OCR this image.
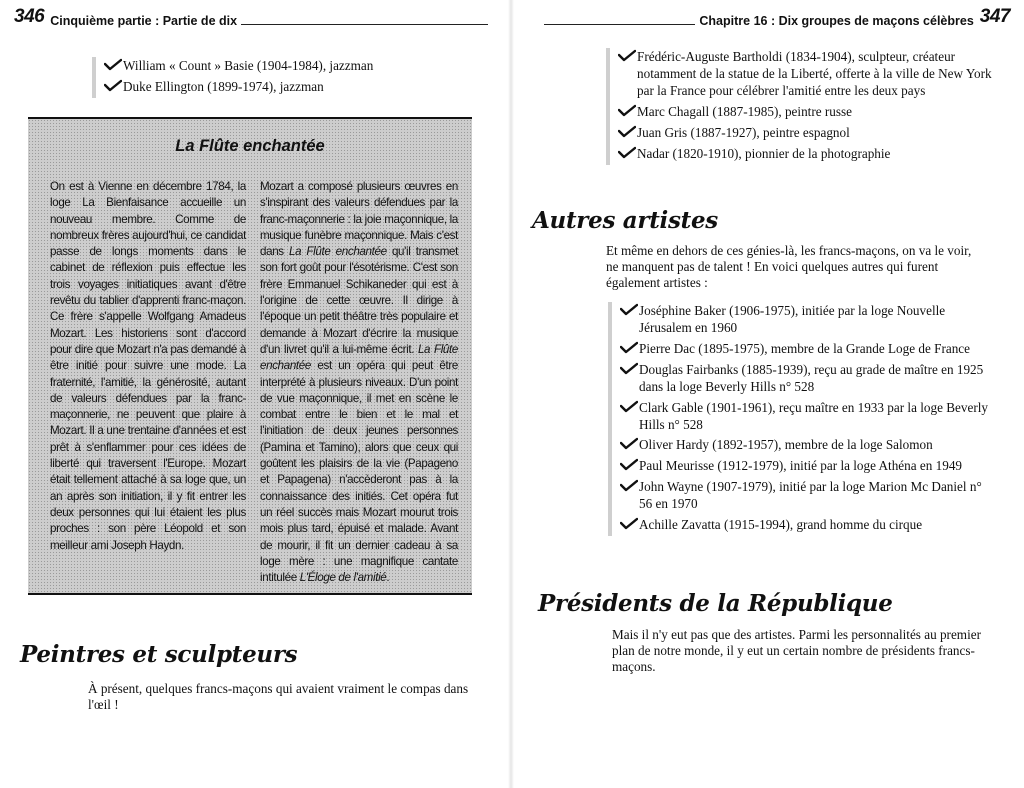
346 Cinquième partie : Partie de dix
William « Count » Basie (1904-1984), jazzman
Duke Ellington (1899-1974), jazzman
La Flûte enchantée
On est à Vienne en décembre 1784, la loge La Bienfaisance accueille un nouveau membre. Comme de nombreux frères aujourd'hui, ce candidat passe de longs moments dans le cabinet de réflexion puis effectue les trois voyages initiatiques avant d'être revêtu du tablier d'apprenti franc-maçon. Ce frère s'appelle Wolfgang Amadeus Mozart. Les historiens sont d'accord pour dire que Mozart n'a pas demandé à être initié pour suivre une mode. La fraternité, l'amitié, la générosité, autant de valeurs défendues par la franc-maçonnerie, ne peuvent que plaire à Mozart. Il a une trentaine d'années et est prêt à s'enflammer pour ces idées de liberté qui traversent l'Europe. Mozart était tellement attaché à sa loge que, un an après son initiation, il y fit entrer les deux personnes qui lui étaient les plus proches : son père Léopold et son meilleur ami Joseph Haydn.
Mozart a composé plusieurs œuvres en s'inspirant des valeurs défendues par la franc-maçonnerie : la joie maçonnique, la musique funèbre maçonnique. Mais c'est dans La Flûte enchantée qu'il transmet son fort goût pour l'ésotérisme. C'est son frère Emmanuel Schikaneder qui est à l'origine de cette œuvre. Il dirige à l'époque un petit théâtre très populaire et demande à Mozart d'écrire la musique d'un livret qu'il a lui-même écrit. La Flûte enchantée est un opéra qui peut être interprété à plusieurs niveaux. D'un point de vue maçonnique, il met en scène le combat entre le bien et le mal et l'initiation de deux jeunes personnes (Pamina et Tamino), alors que ceux qui goûtent les plaisirs de la vie (Papageno et Papagena) n'accèderont pas à la connaissance des initiés. Cet opéra fut un réel succès mais Mozart mourut trois mois plus tard, épuisé et malade. Avant de mourir, il fit un dernier cadeau à sa loge mère : une magnifique cantate intitulée L'Éloge de l'amitié.
Peintres et sculpteurs
À présent, quelques francs-maçons qui avaient vraiment le compas dans l'œil !
Chapitre 16 : Dix groupes de maçons célèbres 347
Frédéric-Auguste Bartholdi (1834-1904), sculpteur, créateur notamment de la statue de la Liberté, offerte à la ville de New York par la France pour célébrer l'amitié entre les deux pays
Marc Chagall (1887-1985), peintre russe
Juan Gris (1887-1927), peintre espagnol
Nadar (1820-1910), pionnier de la photographie
Autres artistes
Et même en dehors de ces génies-là, les francs-maçons, on va le voir, ne manquent pas de talent ! En voici quelques autres qui furent également artistes :
Joséphine Baker (1906-1975), initiée par la loge Nouvelle Jérusalem en 1960
Pierre Dac (1895-1975), membre de la Grande Loge de France
Douglas Fairbanks (1885-1939), reçu au grade de maître en 1925 dans la loge Beverly Hills n° 528
Clark Gable (1901-1961), reçu maître en 1933 par la loge Beverly Hills n° 528
Oliver Hardy (1892-1957), membre de la loge Salomon
Paul Meurisse (1912-1979), initié par la loge Athéna en 1949
John Wayne (1907-1979), initié par la loge Marion Mc Daniel n° 56 en 1970
Achille Zavatta (1915-1994), grand homme du cirque
Présidents de la République
Mais il n'y eut pas que des artistes. Parmi les personnalités au premier plan de notre monde, il y eut un certain nombre de présidents francs-maçons.
